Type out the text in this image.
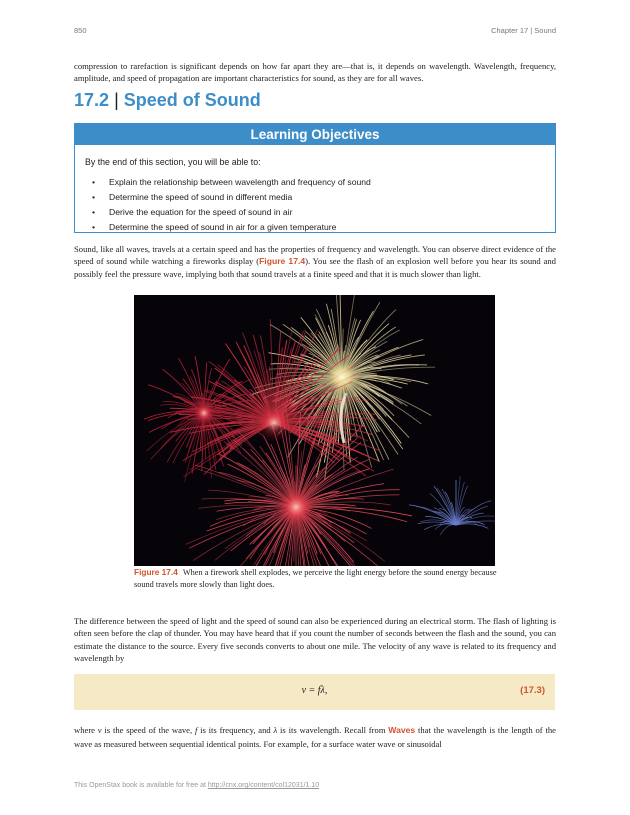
850	Chapter 17 | Sound

compression to rarefaction is significant depends on how far apart they are—that is, it depends on wavelength. Wavelength, frequency, amplitude, and speed of propagation are important characteristics for sound, as they are for all waves.

17.2 | Speed of Sound
Learning Objectives
By the end of this section, you will be able to:
• Explain the relationship between wavelength and frequency of sound
• Determine the speed of sound in different media
• Derive the equation for the speed of sound in air
• Determine the speed of sound in air for a given temperature

Sound, like all waves, travels at a certain speed and has the properties of frequency and wavelength. You can observe direct evidence of the speed of sound while watching a fireworks display (Figure 17.4). You see the flash of an explosion well before you hear its sound and possibly feel the pressure wave, implying both that sound travels at a finite speed and that it is much slower than light.

Figure 17.4 When a firework shell explodes, we perceive the light energy before the sound energy because sound travels more slowly than light does.

The difference between the speed of light and the speed of sound can also be experienced during an electrical storm. The flash of lighting is often seen before the clap of thunder. You may have heard that if you count the number of seconds between the flash and the sound, you can estimate the distance to the source. Every five seconds converts to about one mile. The velocity of any wave is related to its frequency and wavelength by

v = fλ,	(17.3)

where v is the speed of the wave, f is its frequency, and λ is its wavelength. Recall from Waves that the wavelength is the length of the wave as measured between sequential identical points. For example, for a surface water wave or sinusoidal

This OpenStax book is available for free at http://cnx.org/content/col12031/1.10
